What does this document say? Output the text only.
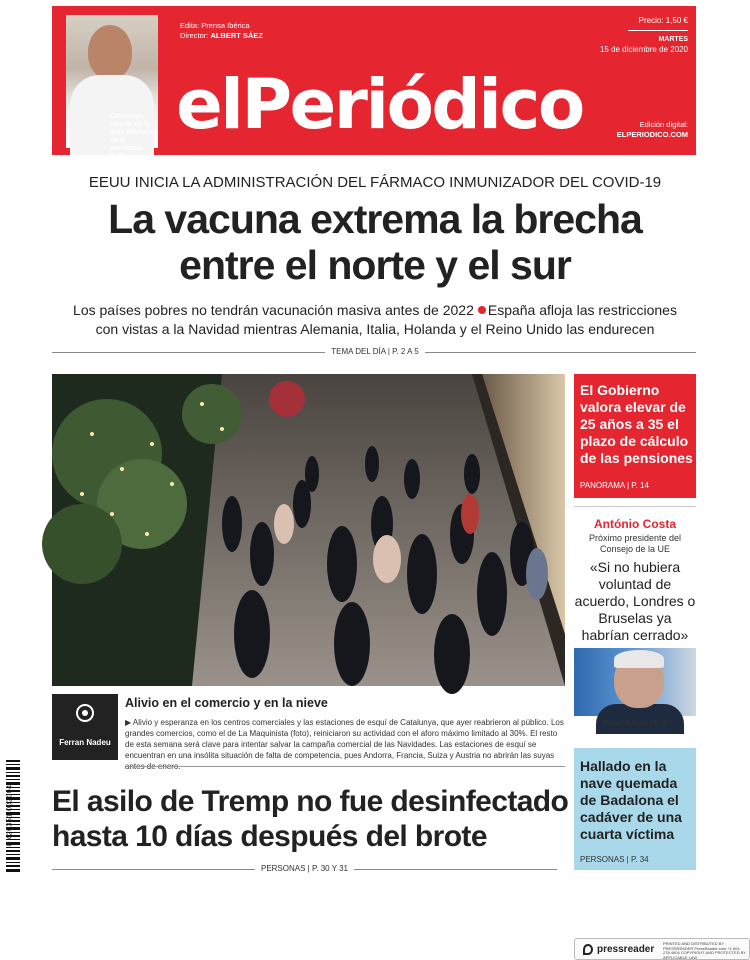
Catalunya triunfa en la guía Michelin de la pandemia.
P. 48
Edita: Prensa Ibérica
Director: ALBERT SÁEZ
elPeriódico
Precio: 1,50 €
MARTES
15 de diciembre de 2020
Edición digital:
ELPERIODICO.COM
EEUU INICIA LA ADMINISTRACIÓN DEL FÁRMACO INMUNIZADOR DEL COVID-19
La vacuna extrema la brecha
entre el norte y el sur
Los países pobres no tendrán vacunación masiva antes de 2022 España afloja las restricciones
con vistas a la Navidad mientras Alemania, Italia, Holanda y el Reino Unido las endurecen
TEMA DEL DÍA | P. 2 A 5
Ferran Nadeu
Alivio en el comercio y en la nieve
▶ Alivio y esperanza en los centros comerciales y las estaciones de esquí de Catalunya, que ayer reabrieron al público. Los grandes comercios, como el de La Maquinista (foto), reiniciaron su actividad con el aforo máximo limitado al 30%. El resto de esta semana será clave para intentar salvar la campaña comercial de las Navidades. Las estaciones de esquí se encuentran en una insólita situación de falta de competencia, pues Andorra, Francia, Suiza y Austria no abrirán las suyas
El asilo de Tremp no fue desinfectado
hasta 10 días después del brote
PERSONAS | P. 30 Y 31
El Gobierno valora elevar de 25 años a 35 el plazo de cálculo de las pensiones
PANORAMA | P. 14
António Costa
Próximo presidente del Consejo de la UE
«Si no hubiera voluntad de acuerdo, Londres o Bruselas ya habrían cerrado»
PANORAMA | P. 8
Hallado en la nave quemada de Badalona el cadáver de una cuarta víctima
PERSONAS | P. 34
8 420351 002004
pressreader
PRINTED AND DISTRIBUTED BY PRESSREADER PressReader.com +1 604 278 4604 COPYRIGHT AND PROTECTED BY APPLICABLE LAW
